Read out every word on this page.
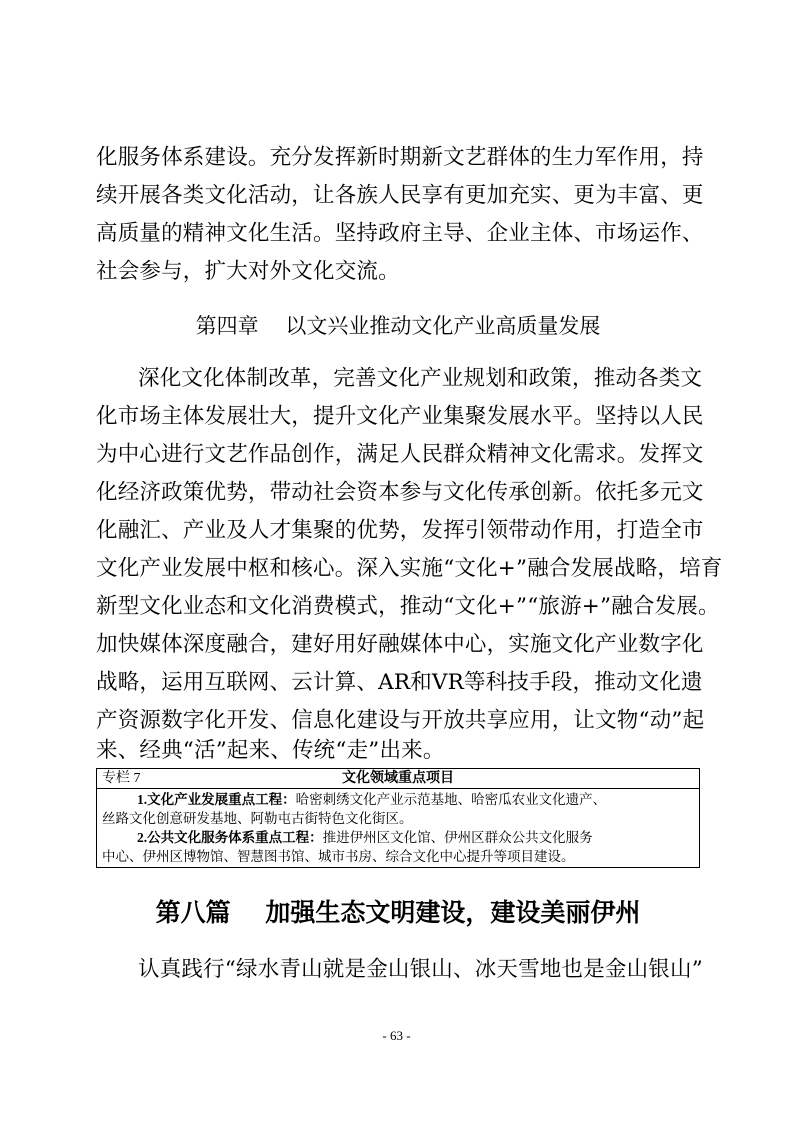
化服务体系建设。充分发挥新时期新文艺群体的生力军作用，持

续开展各类文化活动，让各族人民享有更加充实、更为丰富、更

高质量的精神文化生活。坚持政府主导、企业主体、市场运作、

社会参与，扩大对外文化交流。

第四章    以文兴业推动文化产业高质量发展

深化文化体制改革，完善文化产业规划和政策，推动各类文

化市场主体发展壮大，提升文化产业集聚发展水平。坚持以人民

为中心进行文艺作品创作，满足人民群众精神文化需求。发挥文

化经济政策优势，带动社会资本参与文化传承创新。依托多元文

化融汇、产业及人才集聚的优势，发挥引领带动作用，打造全市

文化产业发展中枢和核心。深入实施“文化+”融合发展战略，培育

新型文化业态和文化消费模式，推动“文化+”“旅游+”融合发展。

加快媒体深度融合，建好用好融媒体中心，实施文化产业数字化

战略，运用互联网、云计算、AR和VR等科技手段，推动文化遗

产资源数字化开发、信息化建设与开放共享应用，让文物“动”起

来、经典“活”起来、传统“走”出来。

专栏 7	文化领域重点项目
1.文化产业发展重点工程：哈密刺绣文化产业示范基地、哈密瓜农业文化遗产、
丝路文化创意研发基地、阿勒屯古街特色文化街区。
2.公共文化服务体系重点工程：推进伊州区文化馆、伊州区群众公共文化服务
中心、伊州区博物馆、智慧图书馆、城市书房、综合文化中心提升等项目建设。
第八篇    加强生态文明建设，建设美丽伊州

认真践行“绿水青山就是金山银山、冰天雪地也是金山银山”

- 63 -
